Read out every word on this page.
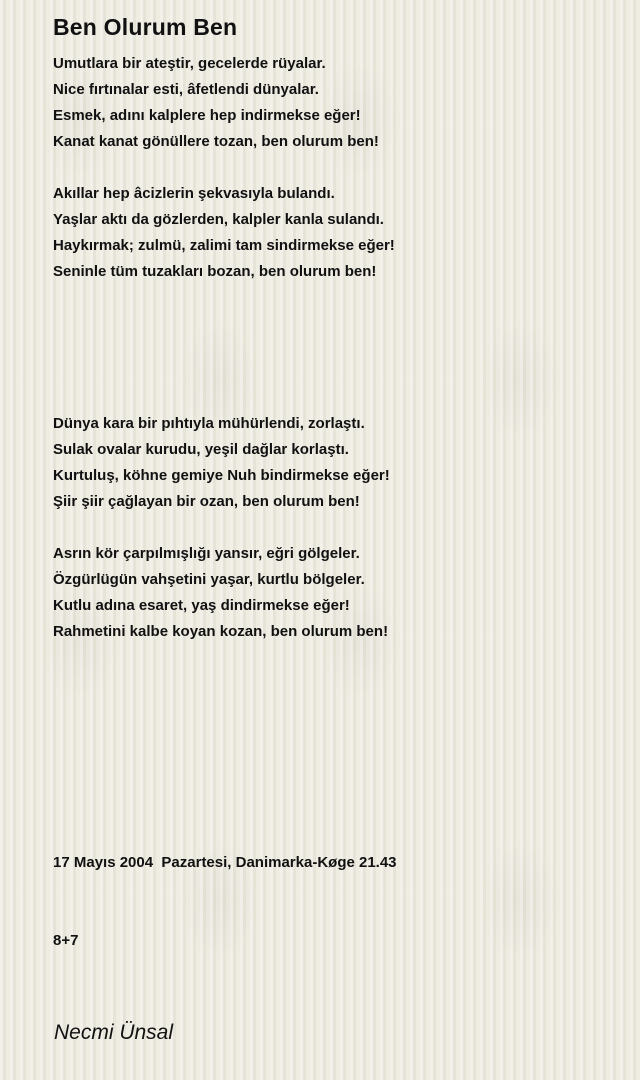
Ben Olurum Ben
Umutlara bir ateştir, gecelerde rüyalar.
Nice fırtınalar esti, âfetlendi dünyalar.
Esmek, adını kalplere hep indirmekse eğer!
Kanat kanat gönüllere tozan, ben olurum ben!
Akıllar hep âcizlerin şekvasıyla bulandı.
Yaşlar aktı da gözlerden, kalpler kanla sulandı.
Haykırmak; zulmü, zalimi tam sindirmekse eğer!
Seninle tüm tuzakları bozan, ben olurum ben!
Dünya kara bir pıhtıyla mühürlendi, zorlaştı.
Sulak ovalar kurudu, yeşil dağlar korlaştı.
Kurtuluş, köhne gemiye Nuh bindirmekse eğer!
Şiir şiir çağlayan bir ozan, ben olurum ben!
Asrın kör çarpılmışlığı yansır, eğri gölgeler.
Özgürlügün vahşetini yaşar, kurtlu bölgeler.
Kutlu adına esaret, yaş dindirmekse eğer!
Rahmetini kalbe koyan kozan, ben olurum ben!

17 Mayıs 2004  Pazartesi, Danimarka-Køge 21.43

8+7

Necmi Ünsal
